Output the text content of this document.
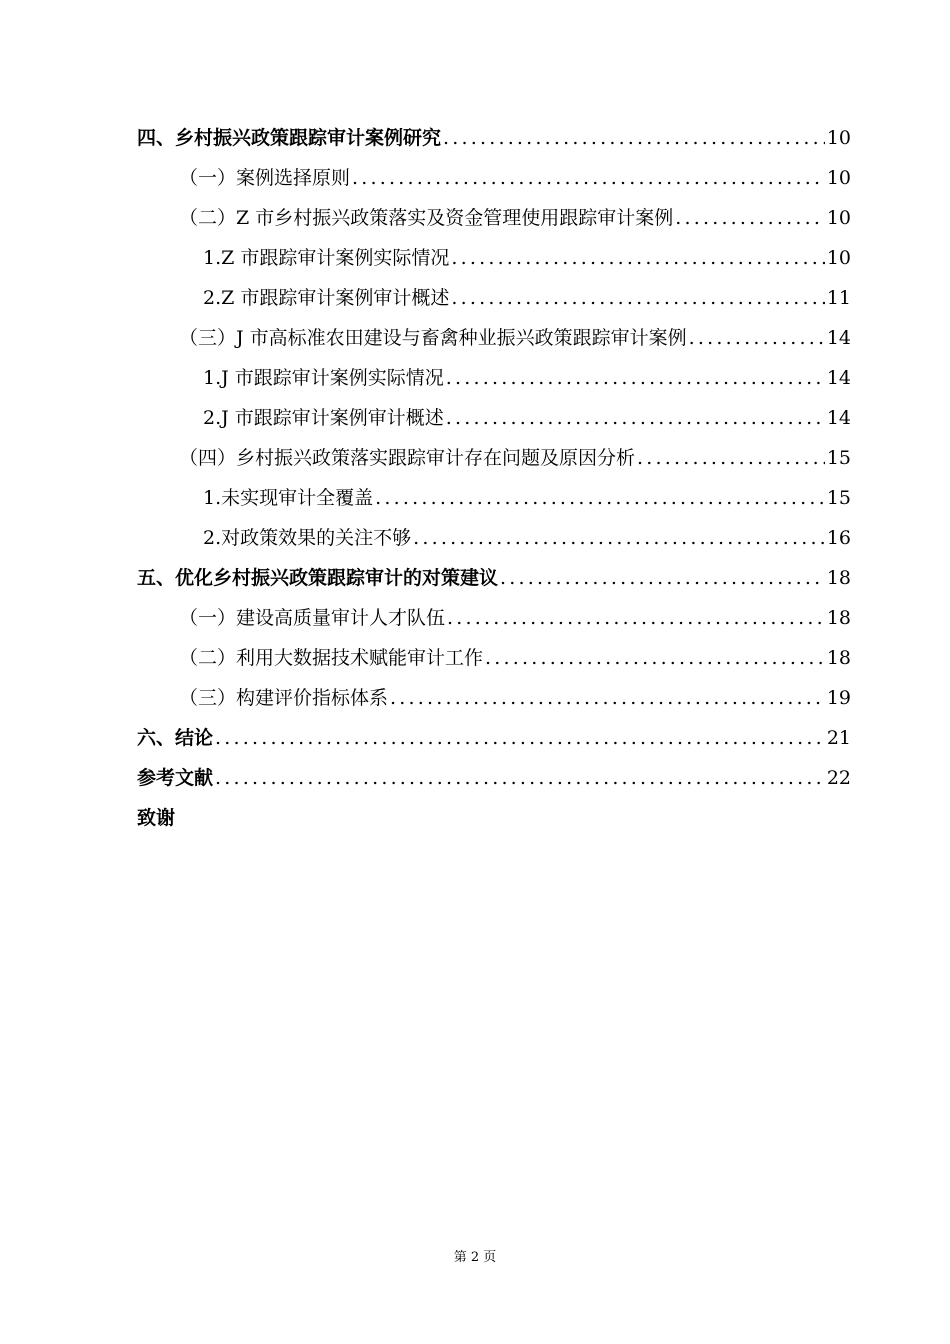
四、乡村振兴政策跟踪审计案例研究 .....	10
（一）案例选择原则 .....	10
（二）Z 市乡村振兴政策落实及资金管理使用跟踪审计案例 .....	10
1.Z 市跟踪审计案例实际情况 .....	10
2.Z 市跟踪审计案例审计概述 .....	11
（三）J 市高标准农田建设与畜禽种业振兴政策跟踪审计案例 .....	14
1.J 市跟踪审计案例实际情况 .....	14
2.J 市跟踪审计案例审计概述 .....	14
（四）乡村振兴政策落实跟踪审计存在问题及原因分析 .....	15
1.未实现审计全覆盖 .....	15
2.对政策效果的关注不够 .....	16
五、优化乡村振兴政策跟踪审计的对策建议 .....	18
（一）建设高质量审计人才队伍 .....	18
（二）利用大数据技术赋能审计工作 .....	18
（三）构建评价指标体系 .....	19
六、结论 .....	21
参考文献 .....	22
致谢
第 2 页
